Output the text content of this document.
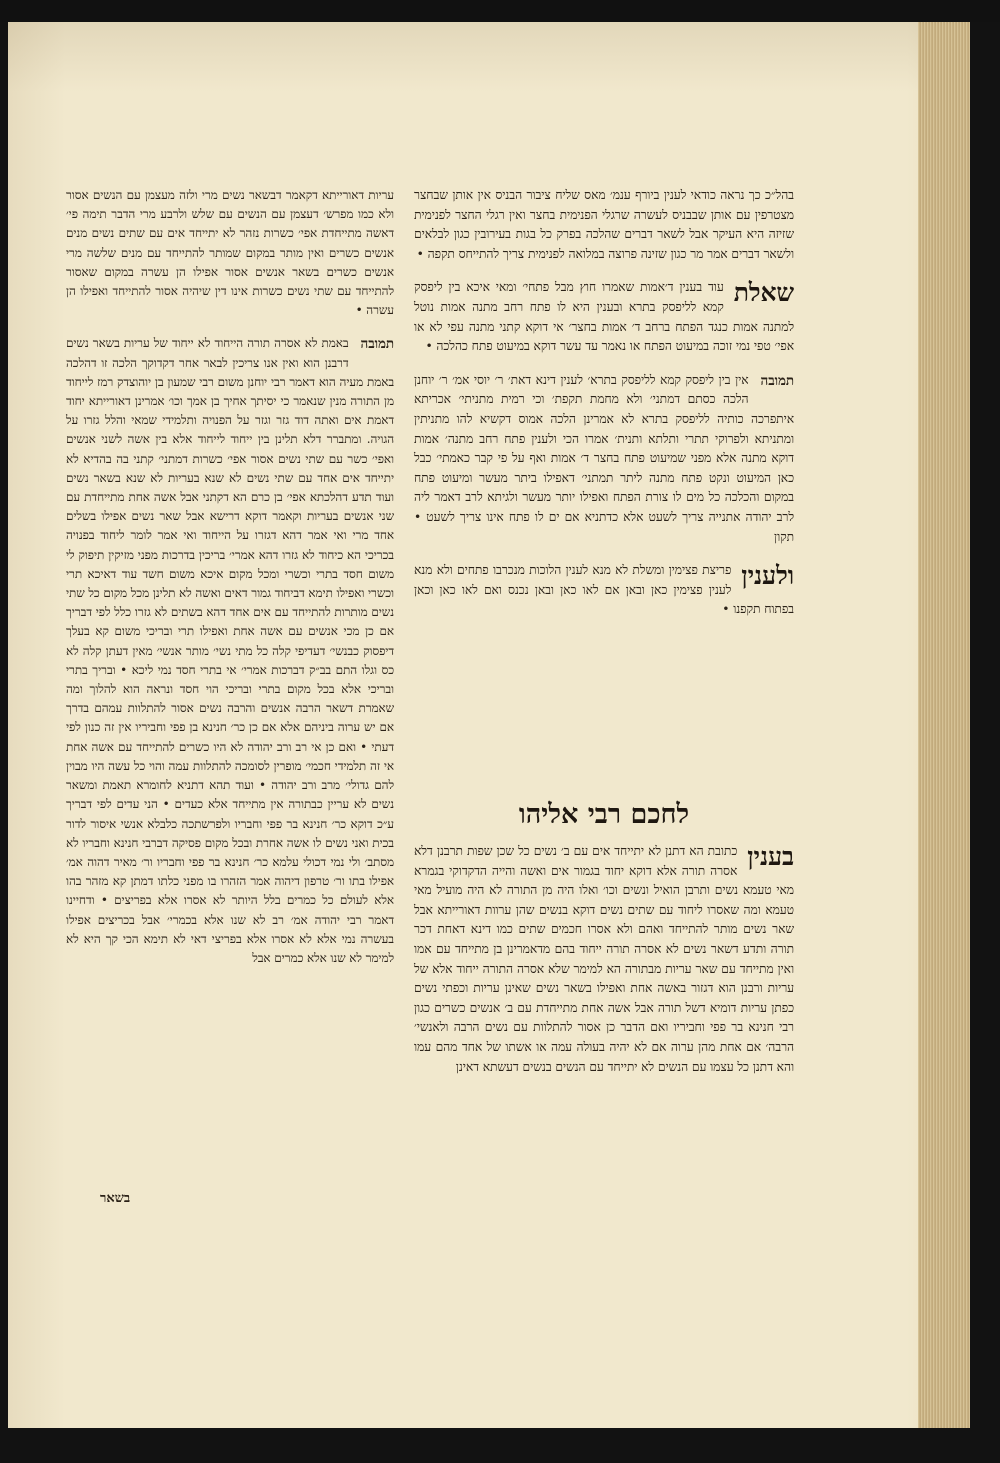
בהל״כ כך נראה כודאי לענין ביורף ענמ׳ מאס שליח ציבור הבניס אין אותן שבחצר מצטרפין עם אותן שבבניס לעשרה שרגלי הפנימית בחצר ואין רגלי החצר לפנימית שזיזה היא העיקר אבל לשאר דברים שהלכה בפרק כל בגות בעירובין כגון לבלאים ולשאר דברים אמר מר כגון שזינה פרוצה במלואה לפנימית צריך להתייחס תקפה •

שאלת
עוד בענין ד׳אמות שאמרו חוץ מבל פתחי׳ ומאי איכא בין ליפסק קמא לליפסק בתרא ובענין היא לו פתח רחב מתנה אמות נוטל למתנה אמות כנגד הפתח ברחב ד׳ אמות בחצר׳ אי דוקא קתני מתנה עפי לא או אפי׳ טפי נמי זוכה במיעוט הפתח או נאמר עד עשר דוקא במיעוט פתח כהלכה •

תמובה
אין בין ליפסק קמא לליפסק בתרא׳ לענין דינא דאת׳ ר׳ יוסי אמ׳ ר׳ יוחנן הלכה כסתם דמתני׳ ולא מחמת תקפת׳ וכי רמית מתניתי׳ אכריתא איתפרכה כותיה לליפסק בתרא לא אמרינן הלכה אמוס דקשיא להו מתניתין ומתניתא ולפרוקי תתרי ותלתא ותנית׳ אמרו הכי ולענין פתח רחב מתנה׳ אמות דוקא מתנה אלא מפני שמיעוט פתח בחצר ד׳ אמות ואף על פי קבר כאמתי׳ כבל כאן המיעוט ונקט פתח מתנה ליתר תמתני׳ דאפילו ביתר מעשר ומיעוט פתח במקום והכלכה כל מים לו צורת הפתח ואפילו יותר מעשר ולגיתא לרב דאמר ליה לרב יהודה אתנייה צריך לשעט אלא כדתניא אם ים לו פתח אינו צריך לשעט • תקון

ולענין
פריצת פצימין ומשלת לא מנא לענין הלוכות מנכרבו פתחים ולא מנא לענין פצימין כאן ובאן אם לאו כאן ובאן נכנס ואם לאו כאן וכאן בפתוח תקפנו •

לחכם רבי אליהו

בענין
כתובת הא דתנן לא יתייחד אים עם ב׳ נשים כל שכן שפות תרבנן דלא אסרה תורה אלא דוקא יחוד בגמור אים ואשה והייה הדקדוקי בגמרא מאי טעמא נשים ותרבן הואיל ונשים וכו׳ ואלו היה מן התורה לא היה מועיל מאי טעמא ומה שאסרו ליחוד עם שתים נשים דוקא בנשים שהן ערוות דאורייתא אבל שאר נשים מותר להתייחד ואהם ולא אסרו חכמים שתים כמו דינא דאחת דכר תורה ותדע דשאר נשים לא אסרה תורה ייחוד בהם מדאמרינן בן מתייחד עם אמו ואין מתייחד עם שאר עריות מבתורה הא למימר שלא אסרה התורה ייחוד אלא של עריות ורבנן הוא דגזור באשה אחת ואפילו בשאר נשים שאינן עריות וכפתי נשים כפתן עריות דומיא דשל תורה אבל אשה אחת מתייחדת עם ב׳ אנשים כשרים כגון רבי חנינא בר פפי וחביריו ואם הדבר כן אסור להתלוות עם נשים הרבה ולאנשי׳ הרבה׳ אם אחת מהן ערוה אם לא יהיה בעולה עמה או אשתו של אחד מהם עמו והא דתנן כל עצמו עם הנשים לא יתייחד עם הנשים בנשים דעשתא דאינן

עריות דאורייתא דקאמר דבשאר נשים מרי ולזה מעצמן עם הנשים אסור ולא כמו מפרש׳ דעצמן עם הנשים עם שלש ולרבע מרי הדבר תימה פי׳ דאשה מתייחדת אפי׳ כשרות נזהר לא יתייחד אים עם שתים נשים מנים אנשים כשרים ואין מותר במקום שמותר להתייחד עם מנים שלשה מרי אנשים כשרים בשאר אנשים אסור אפילו הן עשרה במקום שאסור להתייחד עם שתי נשים כשרות אינו דין שיהיה אסור להתייחד ואפילו הן עשרה •

תמובה
באמת לא אסרה תורה הייחוד לא ייחוד של עריות בשאר נשים דרבנן הוא ואין אנו צריכין לבאר אחר דקדוקך הלכה זו דהלכה באמת מעיה הוא דאמר רבי יוחנן משום רבי שמעון בן יוהוצדק רמז לייחוד מן התורה מנין שנאמר כי יסיתך אחיך בן אמך וכו׳ אמרינן דאורייתא יחוד דאמת אים ואתה דוד גזר וגזר על הפנויה ותלמידי שמאי והלל גזרו על הגויה. ומתברר דלא תלינן בין ייחוד לייחוד אלא בין אשה לשני אנשים ואפי׳ כשר עם שתי נשים אסור אפי׳ כשרות דמתני׳ קתני בה בהדיא לא יתייחד אים אחד עם שתי נשים לא שנא בעריות לא שנא בשאר נשים ועוד תדע דהלכתא אפי׳ בן כרם הא דקתני אבל אשה אחת מתייחדת עם שני אנשים בעריות וקאמר דוקא דרישא אבל שאר נשים אפילו בשלים אחד מרי ואי אמר דהא דגזרו על הייחוד ואי אמר לומר ליחוד בפנויה בכריכי הא כיחוד לא גזרו דהא אמרי׳ בריכין בדרכות מפני מזיקין תיפוק לי משום חסד בתרי וכשרי ומכל מקום איכא משום חשד עוד דאיכא תרי וכשרי ואפילו תימא דביחוד גמור דאים ואשה לא תלינן מכל מקום כל שתי נשים מותרות להתייחד עם אים אחד דהא בשתים לא גזרו כלל לפי דבריך אם כן מכי אנשים עם אשה אחת ואפילו תרי ובריכי משום קא בעלך דיפסוק כבנשי׳ דעדיפי קלה כל מתי נשי׳ מותר אנשי׳ מאין דעתן קלה לא כס וגלו התם בב״ק דברכות אמרי׳ אי בתרי חסד נמי ליכא • ובריך בתרי ובריכי אלא בכל מקום בתרי ובריכי הוי חסד ונראה הוא להלוך ומה שאמרת דשאר הרבה אנשים והרבה נשים אסור להתלוות עמהם בדרך אם יש ערוה ביניהם אלא אם כן כר׳ חנינא בן פפי וחביריו אין זה כנון לפי דעתי • ואם כן אי רב ורב יהודה לא היו כשרים להתייחד עם אשה אחת אי זה תלמידי חכמי׳ מופרין לסומכה להתלוות עמה והוי כל עשה היו מבוין להם גדולי׳ מרב ורב יהודה • ועוד תהא דתניא לחומרא תאמת ומשאר נשים לא עריין כבתורה אין מתייחד אלא כעדים • הני עדים לפי דבריך ע״כ דוקא כר׳ חנינא בר פפי וחבריו ולפרשתכה כלבלא אנשי איסור לדור בכית ואני נשים לו אשה אחרת ובכל מקום פסיקה דברבי חנינא וחבריו לא מסתב׳ ולי נמי דכולי עלמא כר׳ חנינא בר פפי וחבריו ור׳ מאיר דהוה אמ׳ אפילו בתו ור׳ טרפון דיהוה אמר הזהרו בו מפני כלתו דמתן קא מזהר בהו אלא לעולם כל כמרים בלל היותר לא אסרו אלא בפריצים • ודחיינו דאמר רבי יהודה אמ׳ רב לא שנו אלא בכמרי׳ אבל בכריצים אפילו בעשרה נמי אלא לא אסרו אלא בפריצי דאי לא תימא הכי קך היא לא למימר לא שנו אלא כמרים אבל

בשאר
